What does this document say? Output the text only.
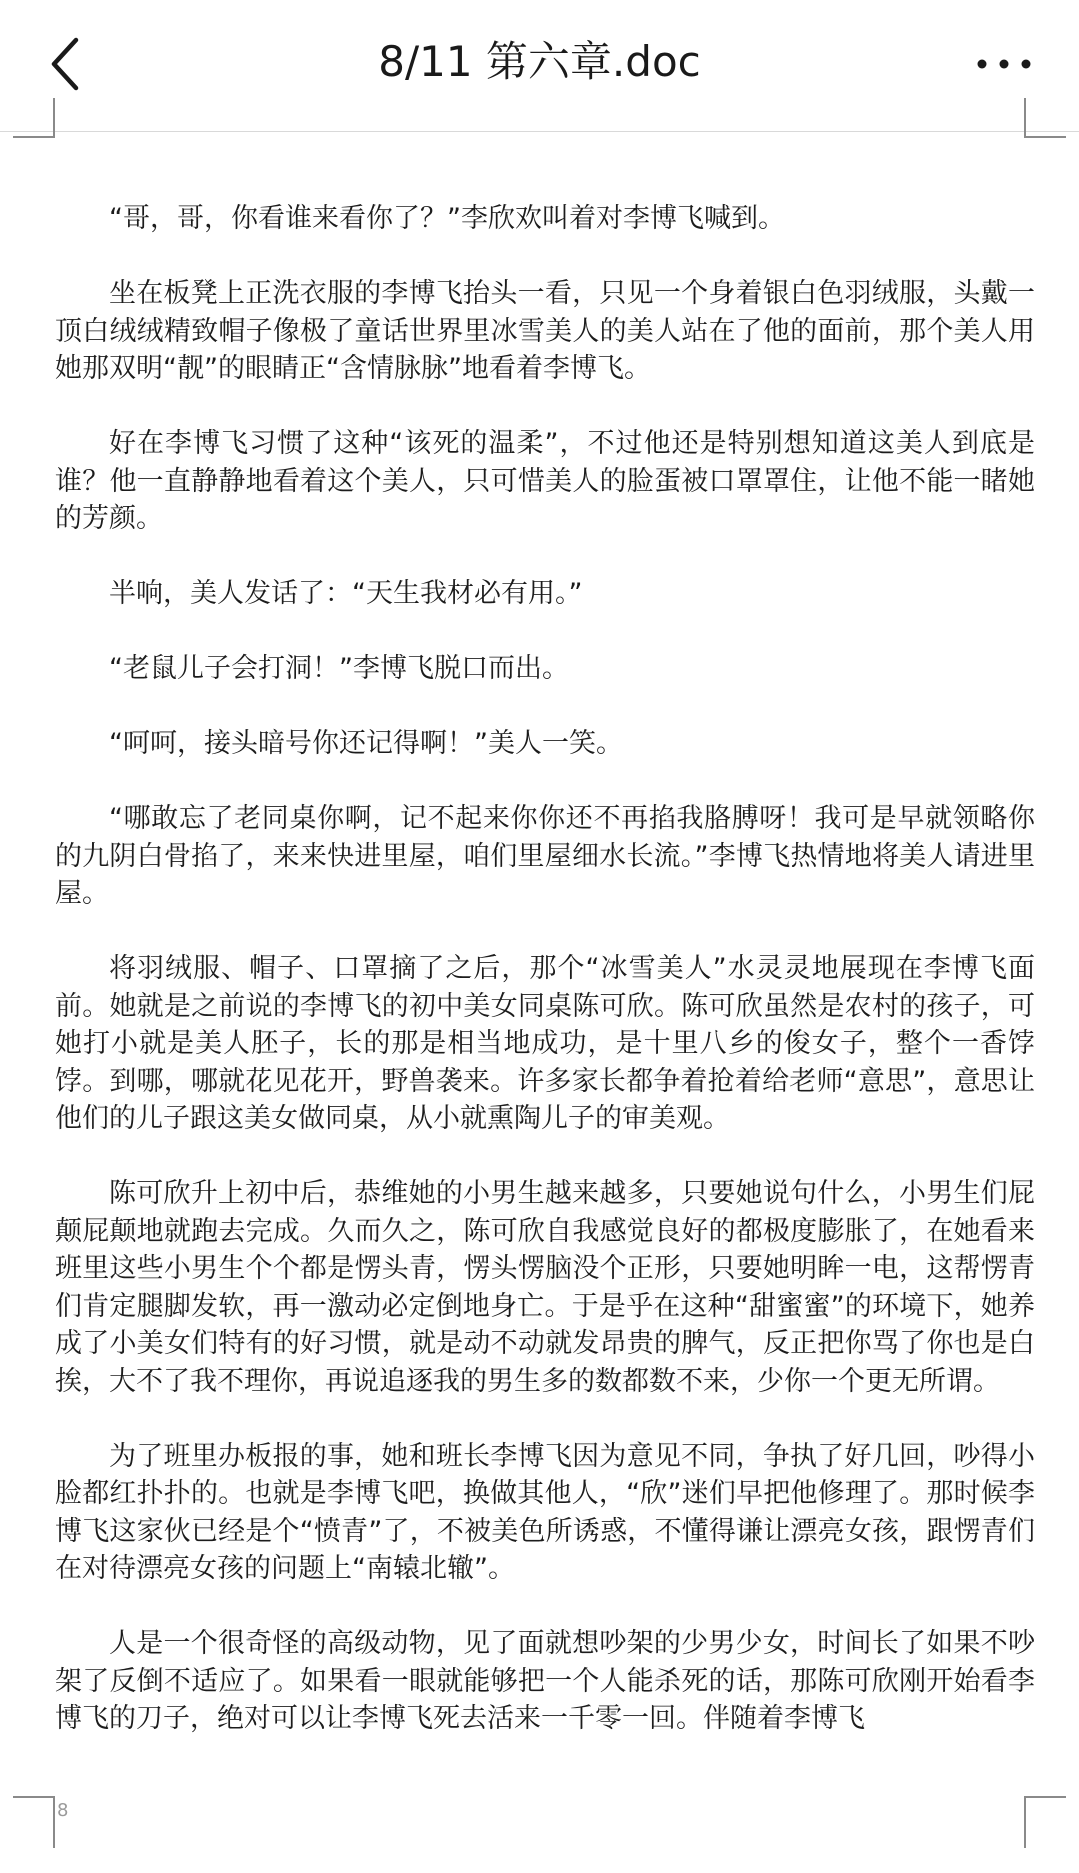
8/11 第六章.doc

“哥，哥，你看谁来看你了？”李欣欢叫着对李博飞喊到。

坐在板凳上正洗衣服的李博飞抬头一看，只见一个身着银白色羽绒服，头戴一顶白绒绒精致帽子像极了童话世界里冰雪美人的美人站在了他的面前，那个美人用她那双明“靓”的眼睛正“含情脉脉”地看着李博飞。

好在李博飞习惯了这种“该死的温柔”，不过他还是特别想知道这美人到底是谁？他一直静静地看着这个美人，只可惜美人的脸蛋被口罩罩住，让他不能一睹她的芳颜。

半响，美人发话了：“天生我材必有用。”

“老鼠儿子会打洞！”李博飞脱口而出。

“呵呵，接头暗号你还记得啊！”美人一笑。

“哪敢忘了老同桌你啊，记不起来你你还不再掐我胳膊呀！我可是早就领略你的九阴白骨掐了，来来快进里屋，咱们里屋细水长流。”李博飞热情地将美人请进里屋。

将羽绒服、帽子、口罩摘了之后，那个“冰雪美人”水灵灵地展现在李博飞面前。她就是之前说的李博飞的初中美女同桌陈可欣。陈可欣虽然是农村的孩子，可她打小就是美人胚子，长的那是相当地成功，是十里八乡的俊女子，整个一香饽饽。到哪，哪就花见花开，野兽袭来。许多家长都争着抢着给老师“意思”，意思让他们的儿子跟这美女做同桌，从小就熏陶儿子的审美观。

陈可欣升上初中后，恭维她的小男生越来越多，只要她说句什么，小男生们屁颠屁颠地就跑去完成。久而久之，陈可欣自我感觉良好的都极度膨胀了，在她看来班里这些小男生个个都是愣头青，愣头愣脑没个正形，只要她明眸一电，这帮愣青们肯定腿脚发软，再一激动必定倒地身亡。于是乎在这种“甜蜜蜜”的环境下，她养成了小美女们特有的好习惯，就是动不动就发昂贵的脾气，反正把你骂了你也是白挨，大不了我不理你，再说追逐我的男生多的数都数不来，少你一个更无所谓。

为了班里办板报的事，她和班长李博飞因为意见不同，争执了好几回，吵得小脸都红扑扑的。也就是李博飞吧，换做其他人，“欣”迷们早把他修理了。那时候李博飞这家伙已经是个“愤青”了，不被美色所诱惑，不懂得谦让漂亮女孩，跟愣青们在对待漂亮女孩的问题上“南辕北辙”。

人是一个很奇怪的高级动物，见了面就想吵架的少男少女，时间长了如果不吵架了反倒不适应了。如果看一眼就能够把一个人能杀死的话，那陈可欣刚开始看李博飞的刀子，绝对可以让李博飞死去活来一千零一回。伴随着李博飞

8
